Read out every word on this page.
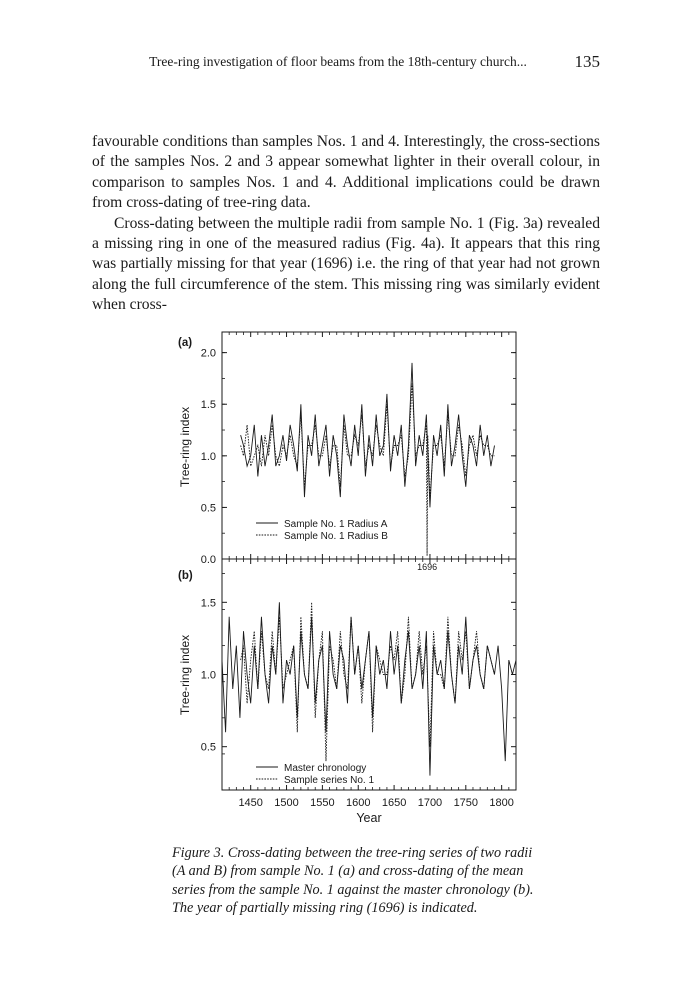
Tree-ring investigation of floor beams from the 18th-century church...	135

favourable conditions than samples Nos. 1 and 4. Interestingly, the cross-sections of the samples Nos. 2 and 3 appear somewhat lighter in their overall colour, in comparison to samples Nos. 1 and 4. Additional implications could be drawn from cross-dating of tree-ring data.

Cross-dating between the multiple radii from sample No. 1 (Fig. 3a) revealed a missing ring in one of the measured radius (Fig. 4a). It appears that this ring was partially missing for that year (1696) i.e. the ring of that year had not grown along the full circumference of the stem. This missing ring was similarly evident when cross-

1450 1500 1550 1600 1650 1700 1750 1800
0.0
0.5
1.0
1.5
2.0
0.5
1.0
1.5
Sample No. 1 Radius A
Sample No. 1 Radius B
Master chronology
Sample series No. 1
(a)
(b)
Tree-ring index
Tree-ring index
Year
1696
Figure 3. Cross-dating between the tree-ring series of two radii (A and B) from sample No. 1 (a) and cross-dating of the mean series from the sample No. 1 against the master chronology (b). The year of partially missing ring (1696) is indicated.
